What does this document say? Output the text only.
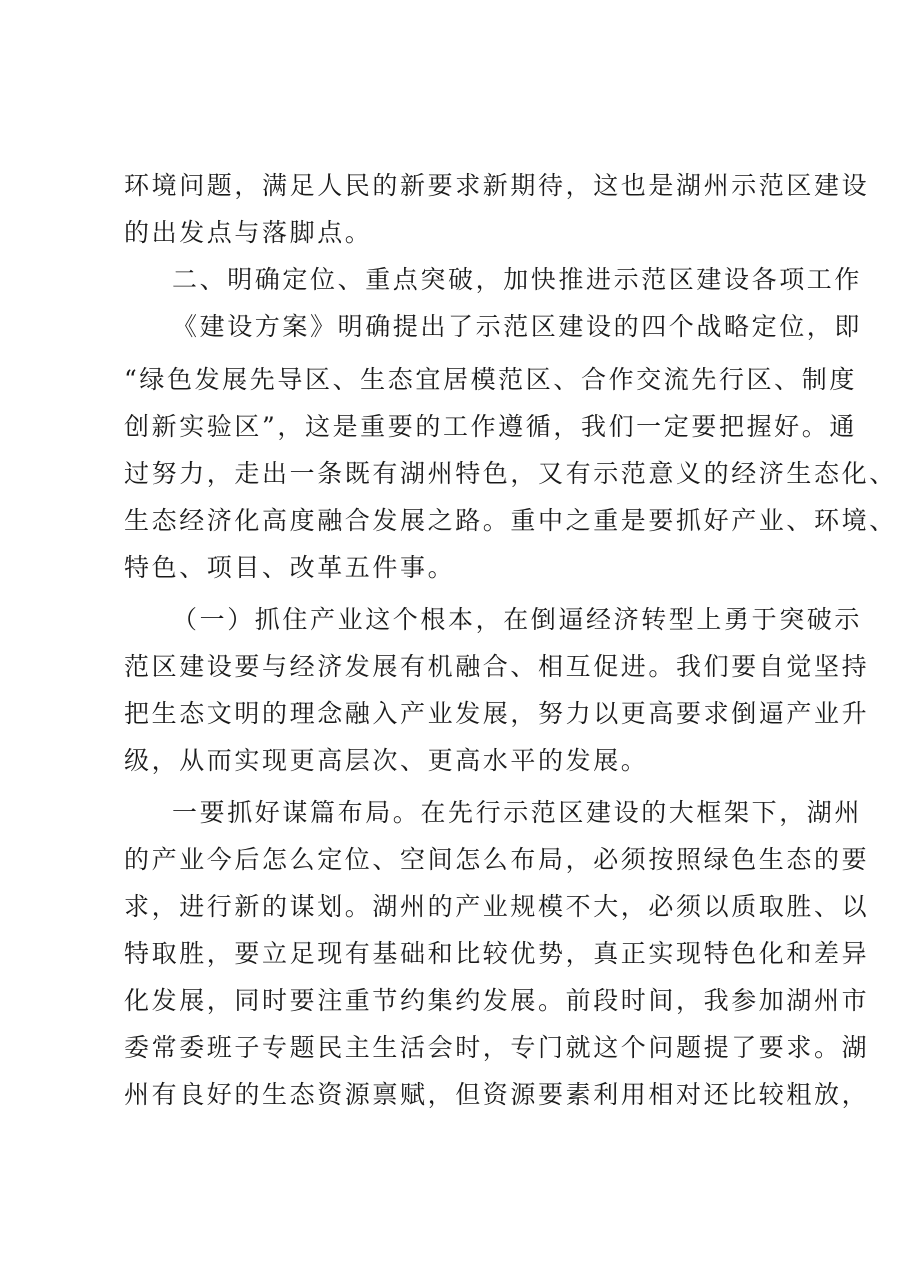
环境问题，满足人民的新要求新期待，这也是湖州示范区建设
的出发点与落脚点。
二、明确定位、重点突破，加快推进示范区建设各项工作
《建设方案》明确提出了示范区建设的四个战略定位，即
“绿色发展先导区、生态宜居模范区、合作交流先行区、制度
创新实验区”，这是重要的工作遵循，我们一定要把握好。通
过努力，走出一条既有湖州特色，又有示范意义的经济生态化、
生态经济化高度融合发展之路。重中之重是要抓好产业、环境、
特色、项目、改革五件事。
（一）抓住产业这个根本，在倒逼经济转型上勇于突破示
范区建设要与经济发展有机融合、相互促进。我们要自觉坚持
把生态文明的理念融入产业发展，努力以更高要求倒逼产业升
级，从而实现更高层次、更高水平的发展。
一要抓好谋篇布局。在先行示范区建设的大框架下，湖州
的产业今后怎么定位、空间怎么布局，必须按照绿色生态的要
求，进行新的谋划。湖州的产业规模不大，必须以质取胜、以
特取胜，要立足现有基础和比较优势，真正实现特色化和差异
化发展，同时要注重节约集约发展。前段时间，我参加湖州市
委常委班子专题民主生活会时，专门就这个问题提了要求。湖
州有良好的生态资源禀赋，但资源要素利用相对还比较粗放，
